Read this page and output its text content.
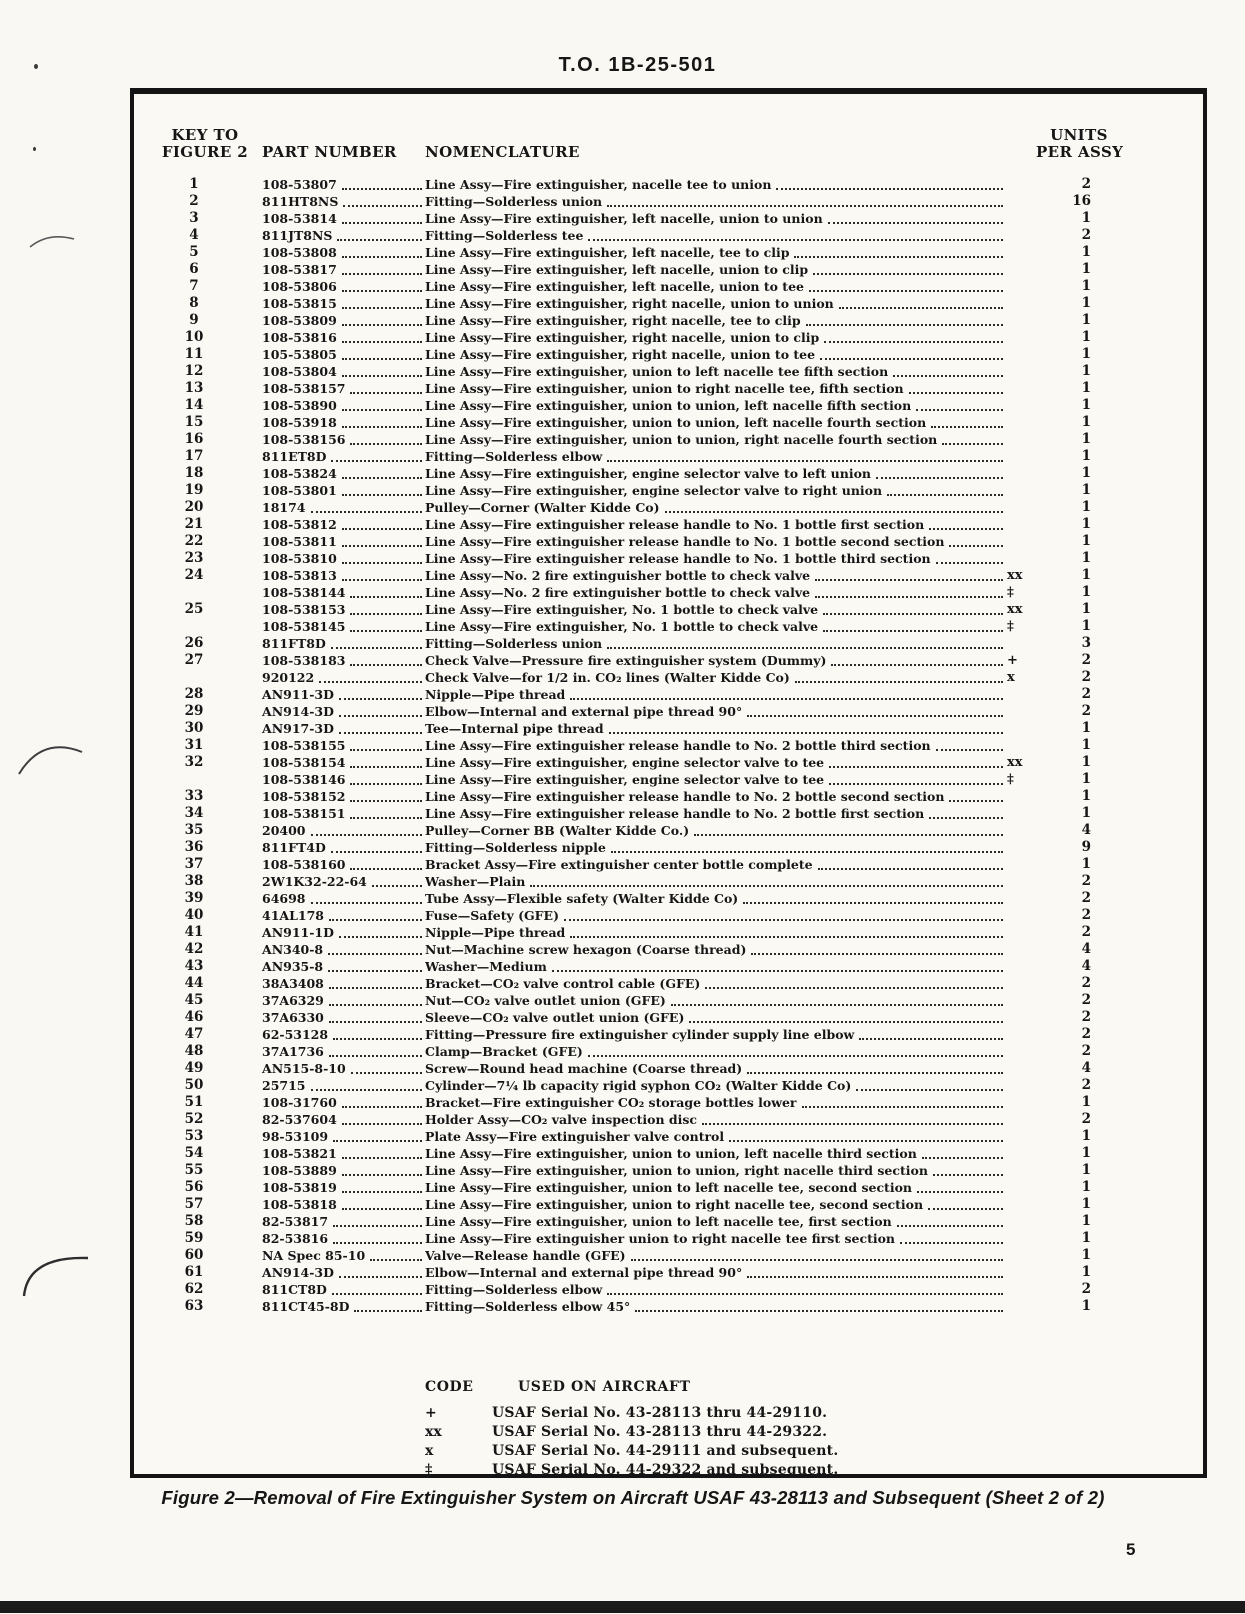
T.O. 1B-25-501
KEY TO
FIGURE 2 PART NUMBER	NOMENCLATURE
UNITS
PER ASSY
1	108-53807	Line Assy—Fire extinguisher, nacelle tee to union	2
2	811HT8NS	Fitting—Solderless union	16
3	108-53814	Line Assy—Fire extinguisher, left nacelle, union to union	1
4	811JT8NS	Fitting—Solderless tee	2
5	108-53808	Line Assy—Fire extinguisher, left nacelle, tee to clip	1
6	108-53817	Line Assy—Fire extinguisher, left nacelle, union to clip	1
7	108-53806	Line Assy—Fire extinguisher, left nacelle, union to tee	1
8	108-53815	Line Assy—Fire extinguisher, right nacelle, union to union	1
9	108-53809	Line Assy—Fire extinguisher, right nacelle, tee to clip	1
10	108-53816	Line Assy—Fire extinguisher, right nacelle, union to clip	1
11	105-53805	Line Assy—Fire extinguisher, right nacelle, union to tee	1
12	108-53804	Line Assy—Fire extinguisher, union to left nacelle tee fifth section	1
13	108-538157	Line Assy—Fire extinguisher, union to right nacelle tee, fifth section	1
14	108-53890	Line Assy—Fire extinguisher, union to union, left nacelle fifth section	1
15	108-53918	Line Assy—Fire extinguisher, union to union, left nacelle fourth section	1
16	108-538156	Line Assy—Fire extinguisher, union to union, right nacelle fourth section	1
17	811ET8D	Fitting—Solderless elbow	1
18	108-53824	Line Assy—Fire extinguisher, engine selector valve to left union	1
19	108-53801	Line Assy—Fire extinguisher, engine selector valve to right union	1
20	18174	Pulley—Corner (Walter Kidde Co)	1
21	108-53812	Line Assy—Fire extinguisher release handle to No. 1 bottle first section	1
22	108-53811	Line Assy—Fire extinguisher release handle to No. 1 bottle second section	1
23	108-53810	Line Assy—Fire extinguisher release handle to No. 1 bottle third section	1
24	108-53813	Line Assy—No. 2 fire extinguisher bottle to check valve	xx	1
108-538144	Line Assy—No. 2 fire extinguisher bottle to check valve	‡	1
25	108-538153	Line Assy—Fire extinguisher, No. 1 bottle to check valve	xx	1
108-538145	Line Assy—Fire extinguisher, No. 1 bottle to check valve	‡	1
26	811FT8D	Fitting—Solderless union	3
27	108-538183	Check Valve—Pressure fire extinguisher system (Dummy)	+	2
920122	Check Valve—for 1/2 in. CO₂ lines (Walter Kidde Co)	x	2
28	AN911-3D	Nipple—Pipe thread	2
29	AN914-3D	Elbow—Internal and external pipe thread 90°	2
30	AN917-3D	Tee—Internal pipe thread	1
31	108-538155	Line Assy—Fire extinguisher release handle to No. 2 bottle third section	1
32	108-538154	Line Assy—Fire extinguisher, engine selector valve to tee	xx	1
108-538146	Line Assy—Fire extinguisher, engine selector valve to tee	‡	1
33	108-538152	Line Assy—Fire extinguisher release handle to No. 2 bottle second section	1
34	108-538151	Line Assy—Fire extinguisher release handle to No. 2 bottle first section	1
35	20400	Pulley—Corner BB (Walter Kidde Co.)	4
36	811FT4D	Fitting—Solderless nipple	9
37	108-538160	Bracket Assy—Fire extinguisher center bottle complete	1
38	2W1K32-22-64	Washer—Plain	2
39	64698	Tube Assy—Flexible safety (Walter Kidde Co)	2
40	41AL178	Fuse—Safety (GFE)	2
41	AN911-1D	Nipple—Pipe thread	2
42	AN340-8	Nut—Machine screw hexagon (Coarse thread)	4
43	AN935-8	Washer—Medium	4
44	38A3408	Bracket—CO₂ valve control cable (GFE)	2
45	37A6329	Nut—CO₂ valve outlet union (GFE)	2
46	37A6330	Sleeve—CO₂ valve outlet union (GFE)	2
47	62-53128	Fitting—Pressure fire extinguisher cylinder supply line elbow	2
48	37A1736	Clamp—Bracket (GFE)	2
49	AN515-8-10	Screw—Round head machine (Coarse thread)	4
50	25715	Cylinder—7¼ lb capacity rigid syphon CO₂ (Walter Kidde Co)	2
51	108-31760	Bracket—Fire extinguisher CO₂ storage bottles lower	1
52	82-537604	Holder Assy—CO₂ valve inspection disc	2
53	98-53109	Plate Assy—Fire extinguisher valve control	1
54	108-53821	Line Assy—Fire extinguisher, union to union, left nacelle third section	1
55	108-53889	Line Assy—Fire extinguisher, union to union, right nacelle third section	1
56	108-53819	Line Assy—Fire extinguisher, union to left nacelle tee, second section	1
57	108-53818	Line Assy—Fire extinguisher, union to right nacelle tee, second section	1
58	82-53817	Line Assy—Fire extinguisher, union to left nacelle tee, first section	1
59	82-53816	Line Assy—Fire extinguisher union to right nacelle tee first section	1
60	NA Spec 85-10	Valve—Release handle (GFE)	1
61	AN914-3D	Elbow—Internal and external pipe thread 90°	1
62	811CT8D	Fitting—Solderless elbow	2
63	811CT45-8D	Fitting—Solderless elbow 45°	1
CODE	USED ON AIRCRAFT
+	USAF Serial No. 43-28113 thru 44-29110.
xx	USAF Serial No. 43-28113 thru 44-29322.
x	USAF Serial No. 44-29111 and subsequent.
‡	USAF Serial No. 44-29322 and subsequent.
Figure 2—Removal of Fire Extinguisher System on Aircraft USAF 43-28113 and Subsequent (Sheet 2 of 2)
5
